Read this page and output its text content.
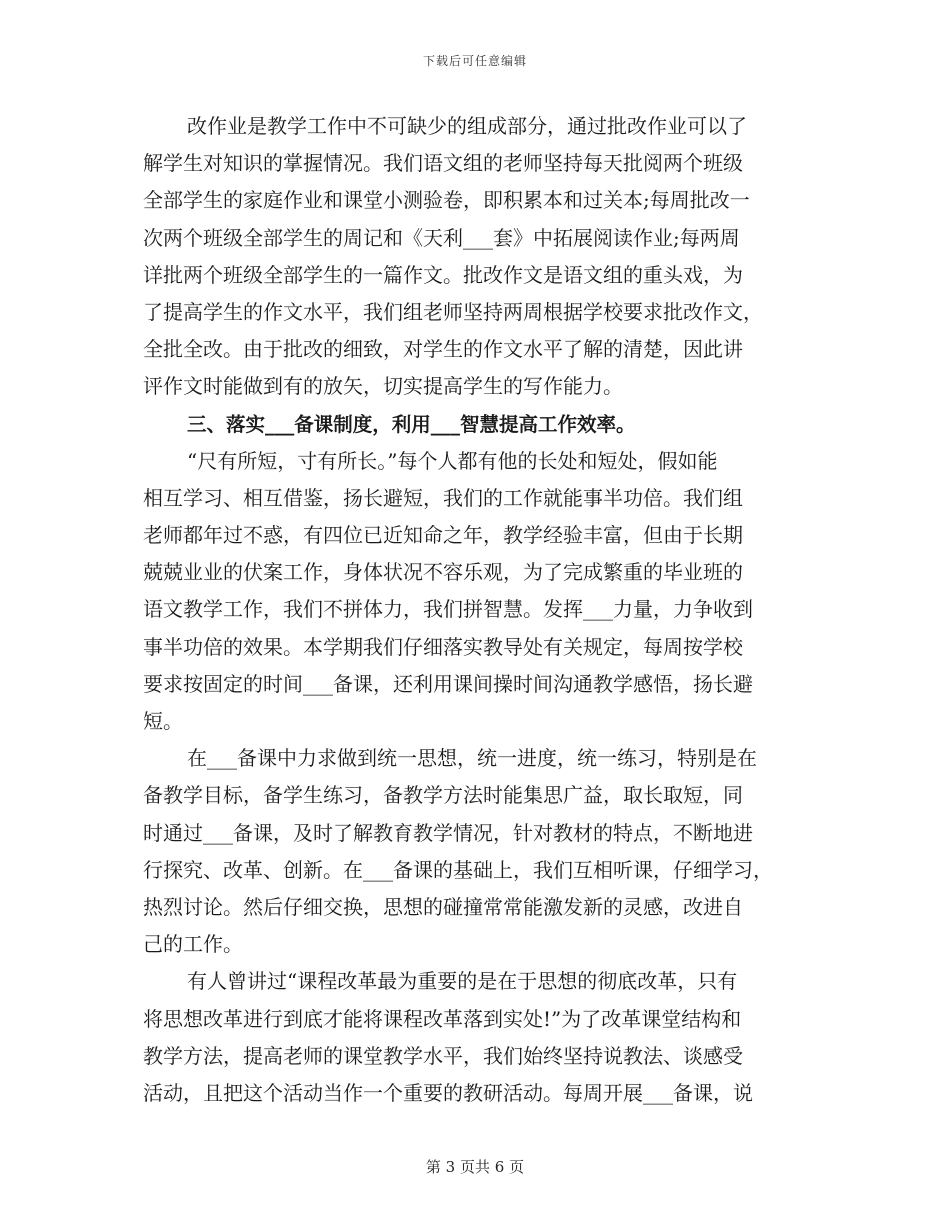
下载后可任意编辑
改作业是教学工作中不可缺少的组成部分，通过批改作业可以了
解学生对知识的掌握情况。我们语文组的老师坚持每天批阅两个班级
全部学生的家庭作业和课堂小测验卷，即积累本和过关本;每周批改一
次两个班级全部学生的周记和《天利___套》中拓展阅读作业;每两周
详批两个班级全部学生的一篇作文。批改作文是语文组的重头戏，为
了提高学生的作文水平，我们组老师坚持两周根据学校要求批改作文，
全批全改。由于批改的细致，对学生的作文水平了解的清楚，因此讲
评作文时能做到有的放矢，切实提高学生的写作能力。
三、落实___备课制度，利用___智慧提高工作效率。
“尺有所短，寸有所长。”每个人都有他的长处和短处，假如能
相互学习、相互借鉴，扬长避短，我们的工作就能事半功倍。我们组
老师都年过不惑，有四位已近知命之年，教学经验丰富，但由于长期
兢兢业业的伏案工作，身体状况不容乐观，为了完成繁重的毕业班的
语文教学工作，我们不拼体力，我们拼智慧。发挥___力量，力争收到
事半功倍的效果。本学期我们仔细落实教导处有关规定，每周按学校
要求按固定的时间___备课，还利用课间操时间沟通教学感悟，扬长避
短。
在___备课中力求做到统一思想，统一进度，统一练习，特别是在
备教学目标，备学生练习，备教学方法时能集思广益，取长取短，同
时通过___备课，及时了解教育教学情况，针对教材的特点，不断地进
行探究、改革、创新。在___备课的基础上，我们互相听课，仔细学习，
热烈讨论。然后仔细交换，思想的碰撞常常能激发新的灵感，改进自
己的工作。
有人曾讲过“课程改革最为重要的是在于思想的彻底改革，只有
将思想改革进行到底才能将课程改革落到实处!”为了改革课堂结构和
教学方法，提高老师的课堂教学水平，我们始终坚持说教法、谈感受
活动，且把这个活动当作一个重要的教研活动。每周开展___备课，说
第 3 页共 6 页
